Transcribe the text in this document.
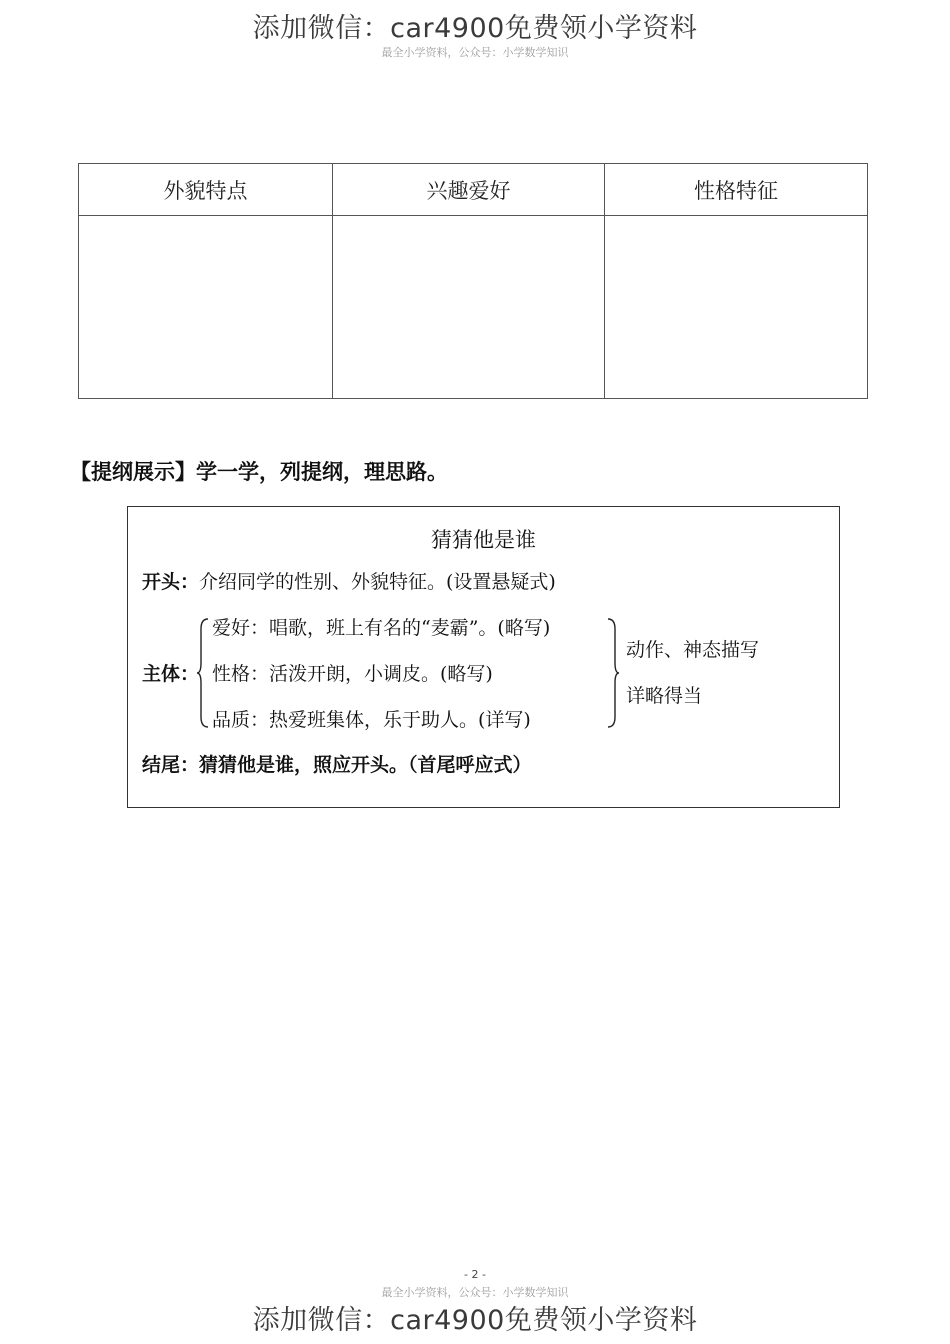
添加微信：car4900免费领小学资料
最全小学资料，公众号：小学数学知识
外貌特点	兴趣爱好	性格特征

【提纲展示】学一学，列提纲，理思路。
猜猜他是谁
开头：介绍同学的性别、外貌特征。(设置悬疑式)
主体：
爱好：唱歌，班上有名的“麦霸”。(略写)
性格：活泼开朗，小调皮。(略写)
品质：热爱班集体，乐于助人。(详写)
动作、神态描写
详略得当
结尾：猜猜他是谁，照应开头。（首尾呼应式）
- 2 -
最全小学资料，公众号：小学数学知识
添加微信：car4900免费领小学资料
